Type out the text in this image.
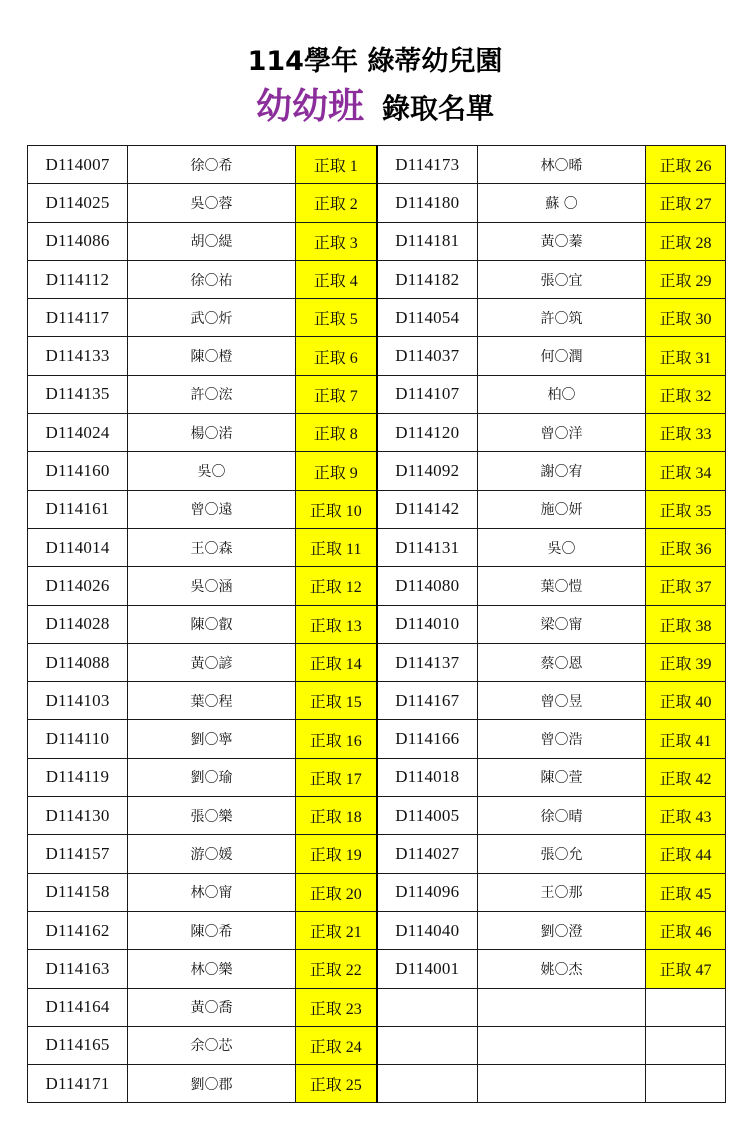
114學年 綠蒂幼兒園
幼幼班 錄取名單
D114007	徐〇希	正取 1	D114173	林〇晞	正取 26
D114025	吳〇蓉	正取 2	D114180	蘇 〇	正取 27
D114086	胡〇緹	正取 3	D114181	黃〇蓁	正取 28
D114112	徐〇祐	正取 4	D114182	張〇宜	正取 29
D114117	武〇炘	正取 5	D114054	許〇筑	正取 30
D114133	陳〇橙	正取 6	D114037	何〇潤	正取 31
D114135	許〇浤	正取 7	D114107	柏〇	正取 32
D114024	楊〇渃	正取 8	D114120	曾〇洋	正取 33
D114160	吳〇	正取 9	D114092	謝〇宥	正取 34
D114161	曾〇遠	正取 10	D114142	施〇妍	正取 35
D114014	王〇森	正取 11	D114131	吳〇	正取 36
D114026	吳〇涵	正取 12	D114080	葉〇愷	正取 37
D114028	陳〇叡	正取 13	D114010	梁〇甯	正取 38
D114088	黃〇諺	正取 14	D114137	蔡〇恩	正取 39
D114103	葉〇程	正取 15	D114167	曾〇昱	正取 40
D114110	劉〇寧	正取 16	D114166	曾〇浩	正取 41
D114119	劉〇瑜	正取 17	D114018	陳〇萱	正取 42
D114130	張〇樂	正取 18	D114005	徐〇晴	正取 43
D114157	游〇媛	正取 19	D114027	張〇允	正取 44
D114158	林〇甯	正取 20	D114096	王〇那	正取 45
D114162	陳〇希	正取 21	D114040	劉〇澄	正取 46
D114163	林〇樂	正取 22	D114001	姚〇杰	正取 47
D114164	黃〇喬	正取 23			
D114165	余〇芯	正取 24			
D114171	劉〇郡	正取 25			
